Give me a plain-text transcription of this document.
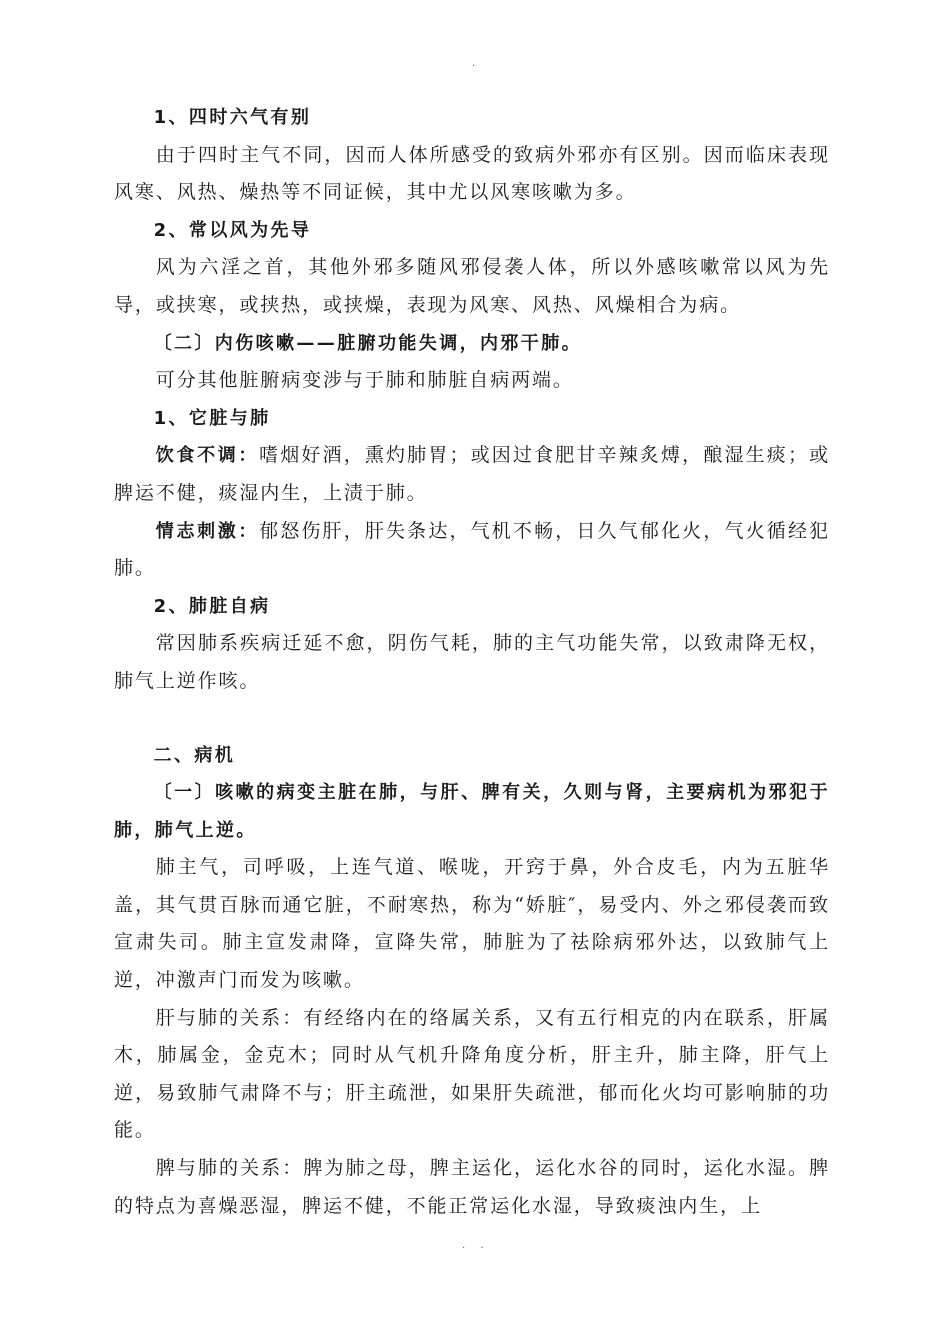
.

1、四时六气有别

由于四时主气不同，因而人体所感受的致病外邪亦有区别。因而临床表现风寒、风热、燥热等不同证候，其中尤以风寒咳嗽为多。

2、常以风为先导

风为六淫之首，其他外邪多随风邪侵袭人体，所以外感咳嗽常以风为先导，或挟寒，或挟热，或挟燥，表现为风寒、风热、风燥相合为病。

〔二〕内伤咳嗽——脏腑功能失调，内邪干肺。

可分其他脏腑病变涉与于肺和肺脏自病两端。

1、它脏与肺

饮食不调：嗜烟好酒，熏灼肺胃；或因过食肥甘辛辣炙煿，酿湿生痰；或脾运不健，痰湿内生，上渍于肺。

情志刺激：郁怒伤肝，肝失条达，气机不畅，日久气郁化火，气火循经犯肺。

2、肺脏自病

常因肺系疾病迁延不愈，阴伤气耗，肺的主气功能失常，以致肃降无权，肺气上逆作咳。

二、病机

〔一〕咳嗽的病变主脏在肺，与肝、脾有关，久则与肾，主要病机为邪犯于肺，肺气上逆。

肺主气，司呼吸，上连气道、喉咙，开窍于鼻，外合皮毛，内为五脏华盖，其气贯百脉而通它脏，不耐寒热，称为“娇脏″，易受内、外之邪侵袭而致宣肃失司。肺主宣发肃降，宣降失常，肺脏为了祛除病邪外达，以致肺气上逆，冲激声门而发为咳嗽。

肝与肺的关系：有经络内在的络属关系，又有五行相克的内在联系，肝属木，肺属金，金克木；同时从气机升降角度分析，肝主升，肺主降，肝气上逆，易致肺气肃降不与；肝主疏泄，如果肝失疏泄，郁而化火均可影响肺的功能。

脾与肺的关系：脾为肺之母，脾主运化，运化水谷的同时，运化水湿。脾的特点为喜燥恶湿，脾运不健，不能正常运化水湿，导致痰浊内生，上

. .
